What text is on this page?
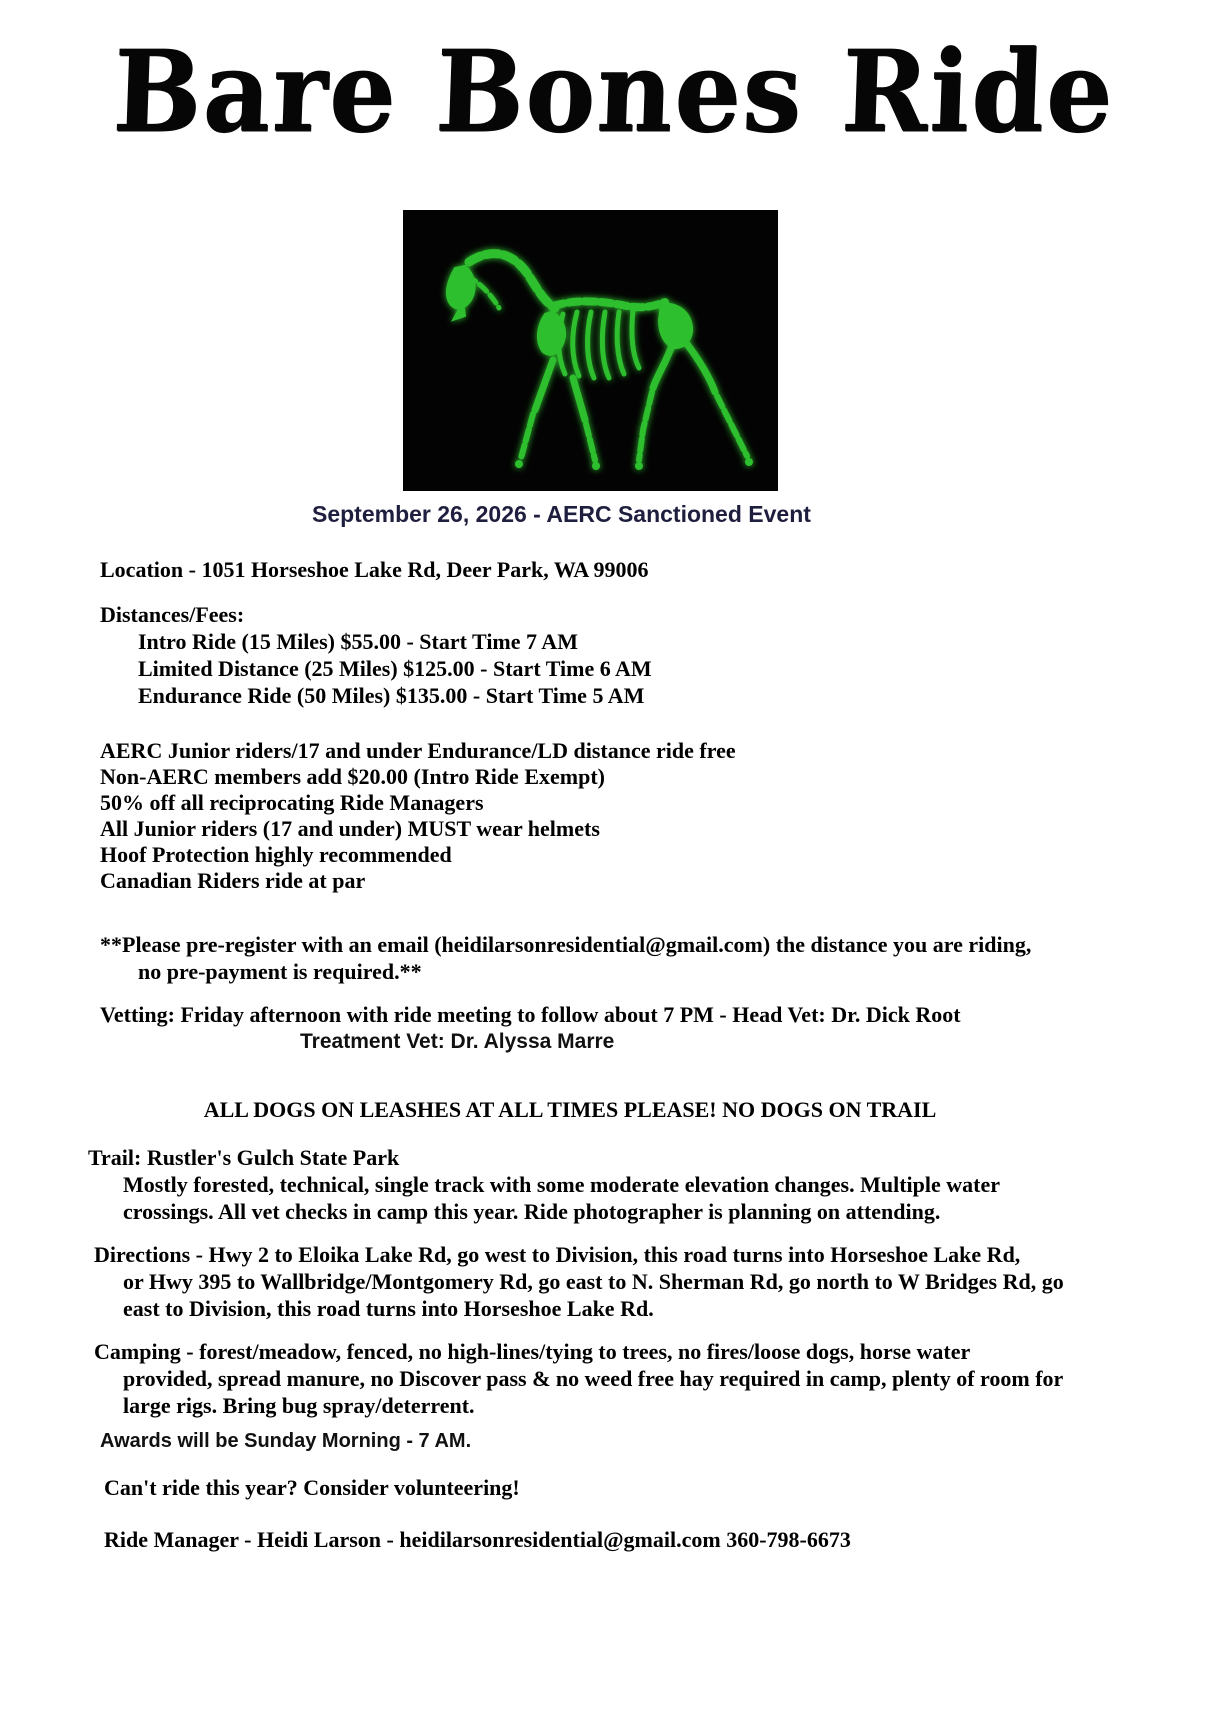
Bare Bones Ride
September 26, 2026 - AERC Sanctioned Event
Location - 1051 Horseshoe Lake Rd, Deer Park, WA 99006
Distances/Fees:
Intro Ride (15 Miles) $55.00 - Start Time 7 AM
Limited Distance (25 Miles) $125.00 - Start Time 6 AM
Endurance Ride (50 Miles) $135.00 - Start Time 5 AM
AERC Junior riders/17 and under Endurance/LD distance ride free
Non-AERC members add $20.00 (Intro Ride Exempt)
50% off all reciprocating Ride Managers
All Junior riders (17 and under) MUST wear helmets
Hoof Protection highly recommended
Canadian Riders ride at par
**Please pre-register with an email (heidilarsonresidential@gmail.com) the distance you are riding,
no pre-payment is required.**
Vetting: Friday afternoon with ride meeting to follow about 7 PM - Head Vet: Dr. Dick Root
Treatment Vet: Dr. Alyssa Marre
ALL DOGS ON LEASHES AT ALL TIMES PLEASE! NO DOGS ON TRAIL
Trail: Rustler's Gulch State Park
Mostly forested, technical, single track with some moderate elevation changes. Multiple water
crossings. All vet checks in camp this year. Ride photographer is planning on attending.
Directions - Hwy 2 to Eloika Lake Rd, go west to Division, this road turns into Horseshoe Lake Rd,
or Hwy 395 to Wallbridge/Montgomery Rd, go east to N. Sherman Rd, go north to W Bridges Rd, go
east to Division, this road turns into Horseshoe Lake Rd.
Camping - forest/meadow, fenced, no high-lines/tying to trees, no fires/loose dogs, horse water
provided, spread manure, no Discover pass & no weed free hay required in camp, plenty of room for
large rigs. Bring bug spray/deterrent.
Awards will be Sunday Morning - 7 AM.
Can't ride this year? Consider volunteering!
Ride Manager - Heidi Larson - heidilarsonresidential@gmail.com 360-798-6673
